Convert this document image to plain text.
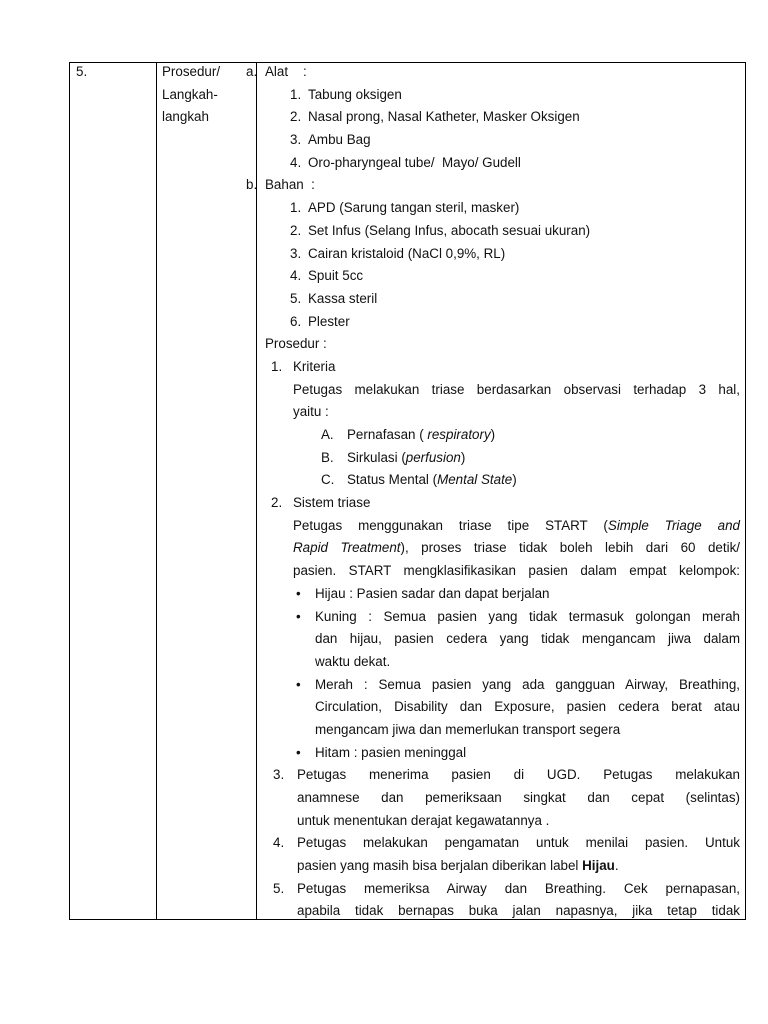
5.	Prosedur/
Langkah-
langkah
a. Alat    :
1. Tabung oksigen
2. Nasal prong, Nasal Katheter, Masker Oksigen
3. Ambu Bag
4. Oro-pharyngeal tube/  Mayo/ Gudell
b. Bahan  :
1. APD (Sarung tangan steril, masker)
2. Set Infus (Selang Infus, abocath sesuai ukuran)
3. Cairan kristaloid (NaCl 0,9%, RL)
4. Spuit 5cc
5. Kassa steril
6. Plester
Prosedur :
1. Kriteria
Petugas melakukan triase berdasarkan observasi terhadap 3 hal,
yaitu :
A. Pernafasan ( respiratory)
B. Sirkulasi (perfusion)
C. Status Mental (Mental State)
2. Sistem triase
Petugas menggunakan triase tipe START (Simple Triage and
Rapid Treatment), proses triase tidak boleh lebih dari 60 detik/
pasien. START mengklasifikasikan pasien dalam empat kelompok:
• Hijau : Pasien sadar dan dapat berjalan
• Kuning : Semua pasien yang tidak termasuk golongan merah
dan hijau, pasien cedera yang tidak mengancam jiwa dalam
waktu dekat.
• Merah : Semua pasien yang ada gangguan Airway, Breathing,
Circulation, Disability dan Exposure, pasien cedera berat atau
mengancam jiwa dan memerlukan transport segera
• Hitam : pasien meninggal
3. Petugas menerima pasien di UGD. Petugas melakukan
anamnese dan pemeriksaan singkat dan cepat (selintas)
untuk menentukan derajat kegawatannya .
4. Petugas melakukan pengamatan untuk menilai pasien. Untuk
pasien yang masih bisa berjalan diberikan label Hijau.
5. Petugas memeriksa Airway dan Breathing. Cek pernapasan,
apabila tidak bernapas buka jalan napasnya, jika tetap tidak
